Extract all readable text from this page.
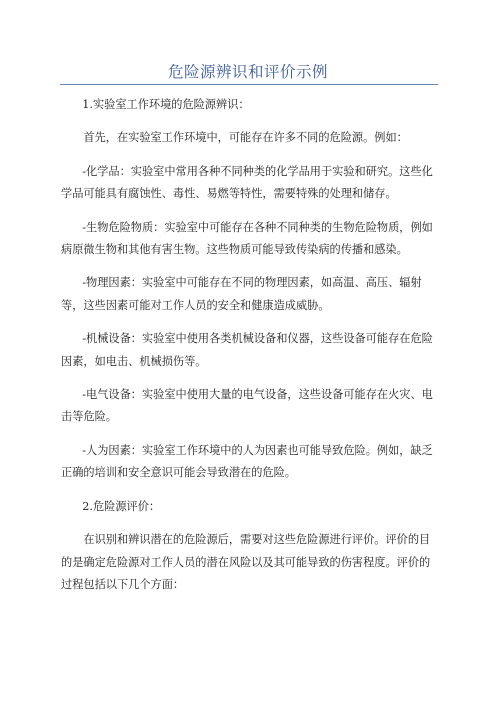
危险源辨识和评价示例

1.实验室工作环境的危险源辨识：

首先，在实验室工作环境中，可能存在许多不同的危险源。例如：

-化学品：实验室中常用各种不同种类的化学品用于实验和研究。这些化学品可能具有腐蚀性、毒性、易燃等特性，需要特殊的处理和储存。

-生物危险物质：实验室中可能存在各种不同种类的生物危险物质，例如病原微生物和其他有害生物。这些物质可能导致传染病的传播和感染。

-物理因素：实验室中可能存在不同的物理因素，如高温、高压、辐射等，这些因素可能对工作人员的安全和健康造成威胁。

-机械设备：实验室中使用各类机械设备和仪器，这些设备可能存在危险因素，如电击、机械损伤等。

-电气设备：实验室中使用大量的电气设备，这些设备可能存在火灾、电击等危险。

-人为因素：实验室工作环境中的人为因素也可能导致危险。例如，缺乏正确的培训和安全意识可能会导致潜在的危险。

2.危险源评价：

在识别和辨识潜在的危险源后，需要对这些危险源进行评价。评价的目的是确定危险源对工作人员的潜在风险以及其可能导致的伤害程度。评价的过程包括以下几个方面：
